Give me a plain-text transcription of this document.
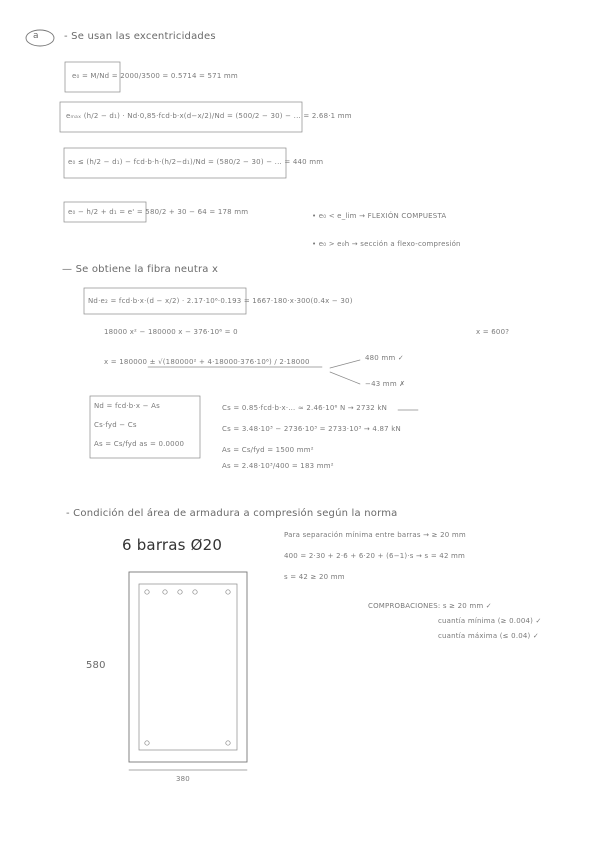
a	- Se usan las excentricidades
e₀ = M/Nd = 2000/3500 = 0.5714 = 571 mm
eₘₐₓ (h/2 − d₁) · Nd·0,85·fcd·b·x(d−x/2)/Nd = (500/2 − 30) − ... = 2.68·1 mm
e₀ ≤ (h/2 − d₁) − fcd·b·h·(h/2−d₁)/Nd = (580/2 − 30) − ... = 440 mm
e₀ − h/2 + d₁ = e' = 580/2 + 30 − 64 = 178 mm	• e₀ < e_lim → FLEXIÓN COMPUESTA
• e₀ > e₀h → sección a flexo-compresión
— Se obtiene la fibra neutra x
Nd·e₂ = fcd·b·x·(d − x/2) · 2.17·10⁶·0.193 = 1667·180·x·300(0.4x − 30)
18000 x² − 180000 x − 376·10⁶ = 0	x = 600?
x = 180000 ± √(180000² + 4·18000·376·10⁶) / 2·18000	480 mm ✓
−43 mm ✗
Nd = fcd·b·x − As
Cs·fyd − Cs
As = Cs/fyd as = 0.0000
Cs = 0.85·fcd·b·x·… ≈ 2.46·10⁶ N → 2732 kN
Cs = 3.48·10³ − 2736·10³ = 2733·10³ → 4.87 kN
As = Cs/fyd = 1500 mm²
As = 2.48·10³/400 = 183 mm²
- Condición del área de armadura a compresión según la norma
6 barras Ø20
580
380
Para separación mínima entre barras → ≥ 20 mm
400 = 2·30 + 2·6 + 6·20 + (6−1)·s → s = 42 mm
s = 42 ≥ 20 mm
COMPROBACIONES: s ≥ 20 mm ✓
cuantía mínima (≥ 0.004) ✓
cuantía máxima (≤ 0.04) ✓
